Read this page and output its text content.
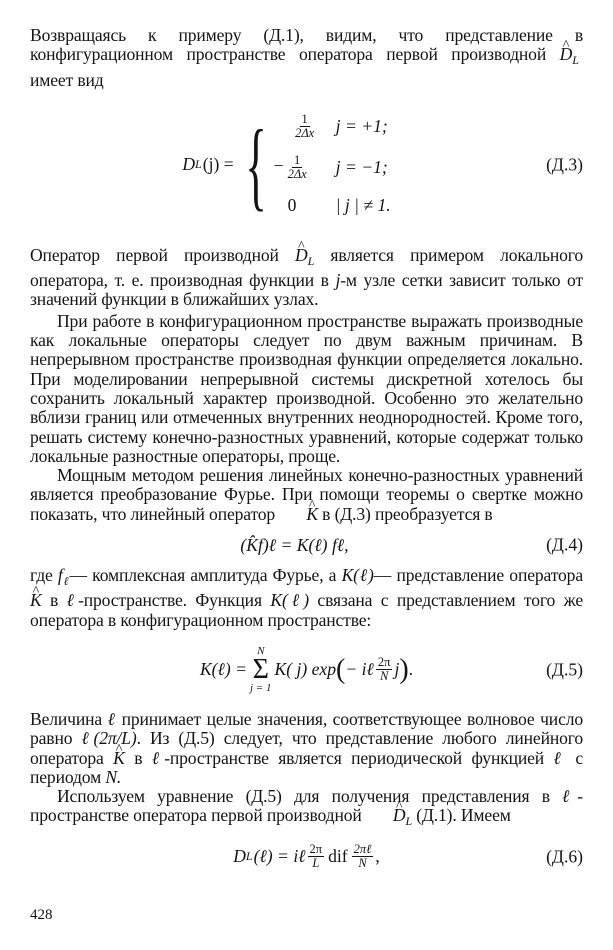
Возвращаясь к примеру (Д.1), видим, что представление в конфигурационном пространстве оператора первой производной ^ $D_L$  имеет вид

D L (j) = { $\frac{1}{2\Delta x}$ j = +1;
− $\frac{1}{2\Delta x}$ j = −1;
0	| j | ≠ 1.
(Д.3)

Оператор первой производной ^ $D_L$ является примером локального оператора, т. е. производная функции в j-м узле сетки зависит только от значений функции в ближайших узлах.

При работе в конфигурационном пространстве выражать производные как локальные операторы следует по двум важным причинам. В непрерывном пространстве производная функции определяется локально. При моделировании непрерывной системы дискретной хотелось бы сохранить локальный характер производной. Особенно это желательно вблизи границ или отмеченных внутренних неоднородностей. Кроме того, решать систему конечно-разностных уравнений, которые содержат только локальные разностные операторы, проще.

Мощным методом решения линейных конечно-разностных уравнений является преобразование Фурье. При помощи теоремы о свертке можно показать, что линейный оператор ^ K в (Д.3) преобразуется в

(K̂f)ℓ = K(ℓ) fℓ,	(Д.4)

где $f_\ell—$ комплексная амплитуда Фурье, а K(ℓ)— представление оператора ^ K в ℓ-пространстве. Функция K(ℓ) связана с представлением того же оператора в конфигурационном пространстве:

K(ℓ) =
N
Σ
j = 1
K( j) exp ( − iℓ $\frac{2\pi}{N}$ j ) .	(Д.5)

Величина ℓ принимает целые значения, соответствующее волновое число равно ℓ(2π/L). Из (Д.5) следует, что представление любого линейного оператора ^ K в ℓ-пространстве является периодической функцией ℓ с периодом N.

Используем уравнение (Д.5) для получения представления в ℓ-пространстве оператора первой производной ^ $D_L$ (Д.1). Имеем

D L (ℓ) = iℓ $\frac{2\pi}{L}$ dif $\frac{\text{2πℓ}}{N}$ ,	(Д.6)
428
